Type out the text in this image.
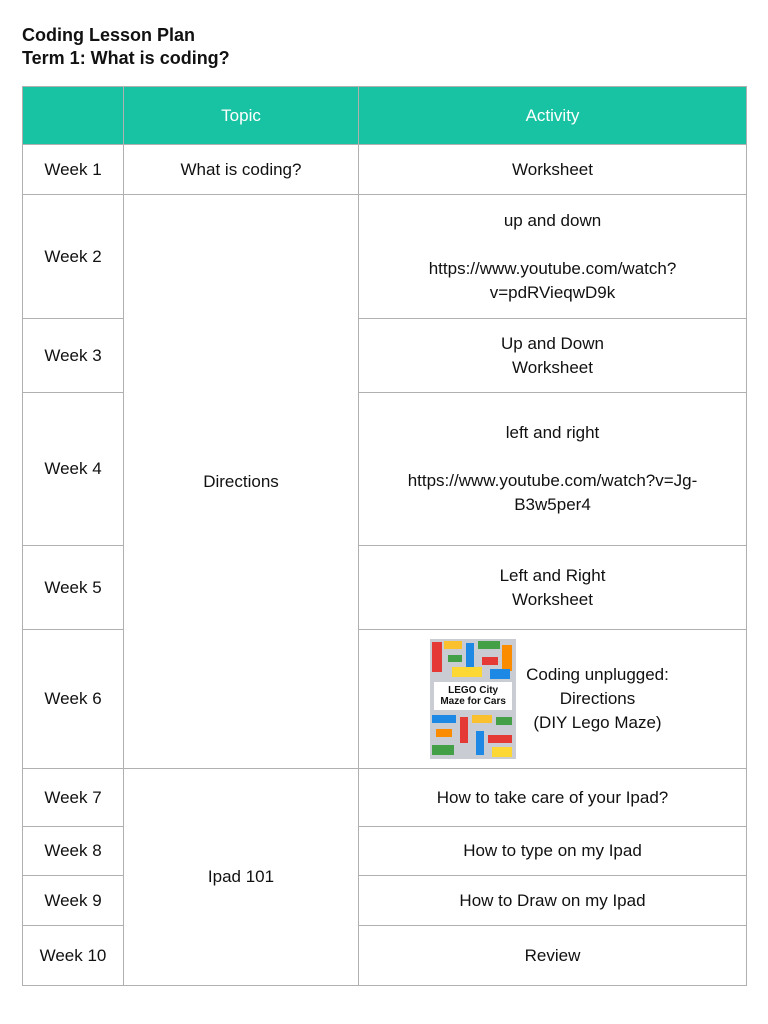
Coding Lesson Plan
Term 1: What is coding?
	Topic	Activity
Week 1	What is coding?	Worksheet
Week 2	Directions	up and down
https://www.youtube.com/watch?
v=pdRVieqwD9k

Week 3		Up and Down
Worksheet

Week 4		left and right
https://www.youtube.com/watch?v=Jg-
B3w5per4

Week 5		Left and Right
Worksheet

Week 6		LEGO City
Maze for Cars
Coding unplugged:
Directions
(DIY Lego Maze)

Week 7	Ipad 101	How to take care of your Ipad?
Week 8		How to type on my Ipad
Week 9		How to Draw on my Ipad
Week 10		Review
